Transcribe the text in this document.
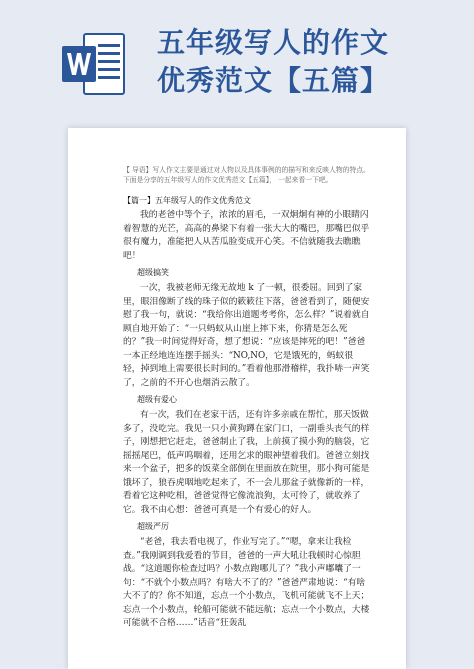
五年级写人的作文
优秀范文【五篇】

【 导语】写人作文主要是通过对人物以及具体事例的的描写和来反映人物的特点。下面是分享的五年级写人的作文优秀范文【五篇】， 一起来看一下吧。

【篇一】五年级写人的作文优秀范文

我的老爸中等个子，浓浓的眉毛，一双炯炯有神的小眼睛闪着智慧的光芒，高高的鼻梁下有着一张大大的嘴巴，那嘴巴似乎很有魔力，准能把人从苦瓜脸变成开心笑。不信就随我去瞧瞧吧！

超级搞笑

一次，我被老师无缘无故地 k 了一顿，很委屈。回到了家里，眼泪像断了线的珠子似的簌簌往下落，爸爸看到了，随便安慰了我一句，就说：“我给你出道题考考你，怎么样？”说着就自顾自地开始了：“一只蚂蚁从山崖上摔下来，你猜是怎么死的？”我一时间觉得好奇，想了想说：“应该是摔死的吧！”爸爸一本正经地连连摆手摇头：“NO,NO，它是饿死的，蚂蚁很轻，掉到地上需要很长时间的。”看着他那滑稽样，我扑哧一声笑了，之前的不开心也烟消云散了。

超级有爱心

有一次，我们在老家干活，还有许多亲戚在帮忙，那天饭做多了，没吃完。我见一只小黄狗蹲在家门口，一副垂头丧气的样子，刚想把它赶走，爸爸制止了我，上前摸了摸小狗的脑袋，它摇摇尾巴，低声呜咽着，还用乞求的眼神望着我们。爸爸立刻找来一个盆子，把多的饭菜全部倒在里面放在院里，那小狗可能是饿坏了，狼吞虎咽地吃起来了，不一会儿那盆子就像新的一样，看着它这种吃相，爸爸觉得它像流浪狗，太可怜了，就收养了它。我不由心想：爸爸可真是一个有爱心的好人。

超级严厉

“老爸，我去看电视了，作业写完了。”“嗯，拿来让我检查。”我刚调到我爱看的节目，爸爸的一声大吼让我顿时心惊胆战。“这道题你检查过吗？小数点跑哪儿了？”我小声嘟囔了一句：“不就个小数点吗？有啥大不了的？”爸爸严肃地说：“有啥大不了的？你不知道，忘点一个小数点，飞机可能就飞不上天；忘点一个小数点，轮船可能就不能远航；忘点一个小数点，大楼可能就不合格……”话音“狂轰乱
